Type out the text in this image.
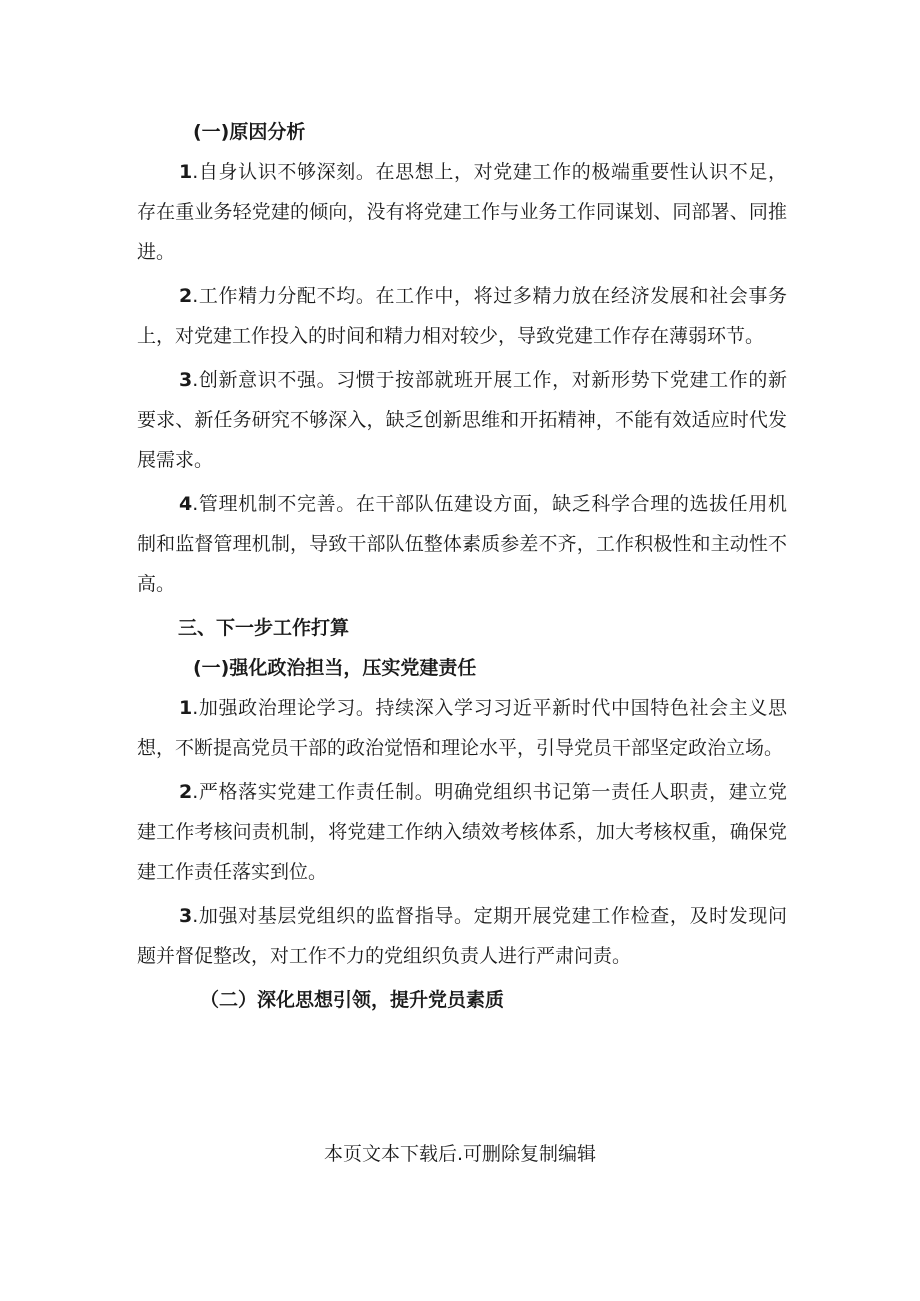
(一)原因分析

1.自身认识不够深刻。在思想上，对党建工作的极端重要性认识不足，存在重业务轻党建的倾向，没有将党建工作与业务工作同谋划、同部署、同推进。

2.工作精力分配不均。在工作中，将过多精力放在经济发展和社会事务上，对党建工作投入的时间和精力相对较少，导致党建工作存在薄弱环节。

3.创新意识不强。习惯于按部就班开展工作，对新形势下党建工作的新要求、新任务研究不够深入，缺乏创新思维和开拓精神，不能有效适应时代发展需求。

4.管理机制不完善。在干部队伍建设方面，缺乏科学合理的选拔任用机制和监督管理机制，导致干部队伍整体素质参差不齐，工作积极性和主动性不高。

三、下一步工作打算

(一)强化政治担当，压实党建责任

1.加强政治理论学习。持续深入学习习近平新时代中国特色社会主义思想，不断提高党员干部的政治觉悟和理论水平，引导党员干部坚定政治立场。

2.严格落实党建工作责任制。明确党组织书记第一责任人职责，建立党建工作考核问责机制，将党建工作纳入绩效考核体系，加大考核权重，确保党建工作责任落实到位。

3.加强对基层党组织的监督指导。定期开展党建工作检查，及时发现问题并督促整改，对工作不力的党组织负责人进行严肃问责。

（二）深化思想引领，提升党员素质

本页文本下载后.可删除复制编辑
